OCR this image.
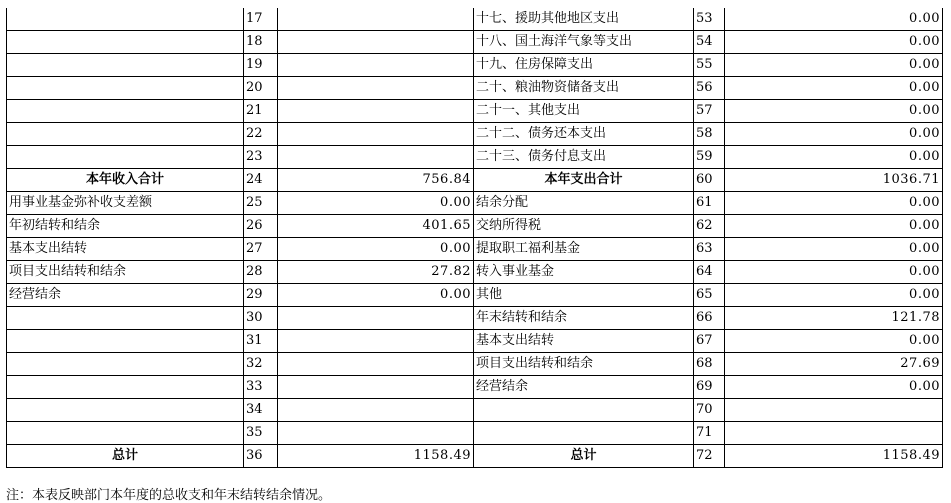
	17		十七、援助其他地区支出	53	0.00
	18		十八、国土海洋气象等支出	54	0.00
	19		十九、住房保障支出	55	0.00
	20		二十、粮油物资储备支出	56	0.00
	21		二十一、其他支出	57	0.00
	22		二十二、债务还本支出	58	0.00
	23		二十三、债务付息支出	59	0.00
本年收入合计	24	756.84	本年支出合计	60	1036.71
用事业基金弥补收支差额	25	0.00	结余分配	61	0.00
年初结转和结余	26	401.65	交纳所得税	62	0.00
基本支出结转	27	0.00	提取职工福利基金	63	0.00
项目支出结转和结余	28	27.82	转入事业基金	64	0.00
经营结余	29	0.00	其他	65	0.00
	30		年末结转和结余	66	121.78
	31		基本支出结转	67	0.00
	32		项目支出结转和结余	68	27.69
	33		经营结余	69	0.00
	34			70	
	35			71	
总计	36	1158.49	总计	72	1158.49
注：本表反映部门本年度的总收支和年末结转结余情况。
